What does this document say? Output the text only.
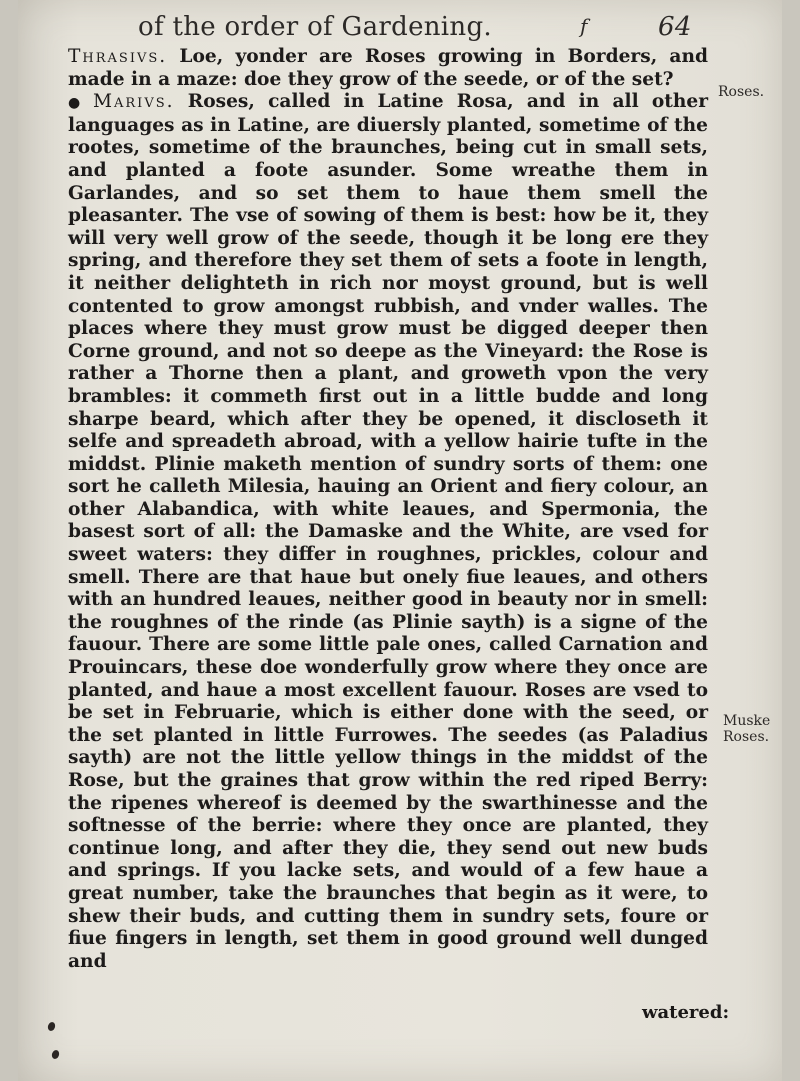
of the order of Gardening.	f	64

Thrasivs. Loe, yonder are Roses growing in Borders, and made in a maze: doe they grow of the seede, or of the set?

● Marivs. Roses, called in Latine Rosa, and in all other languages as in Latine, are diuersly planted, sometime of the rootes, sometime of the braunches, being cut in small sets, and planted a foote asunder. Some wreathe them in Garlandes, and so set them to haue them smell the pleasanter. The vse of sowing of them is best: how be it, they will very well grow of the seede, though it be long ere they spring, and therefore they set them of sets a foote in length, it neither delighteth in rich nor moyst ground, but is well contented to grow amongst rubbish, and vnder walles. The places where they must grow must be digged deeper then Corne ground, and not so deepe as the Vineyard: the Rose is rather a Thorne then a plant, and groweth vpon the very brambles: it commeth first out in a little budde and long sharpe beard, which after they be opened, it discloseth it selfe and spreadeth abroad, with a yellow hairie tufte in the middst. Plinie maketh mention of sundry sorts of them: one sort he calleth Milesia, hauing an Orient and fiery colour, an other Alabandica, with white leaues, and Spermonia, the basest sort of all: the Damaske and the White, are vsed for sweet waters: they differ in roughnes, prickles, colour and smell. There are that haue but onely fiue leaues, and others with an hundred leaues, neither good in beauty nor in smell: the roughnes of the rinde (as Plinie sayth) is a signe of the fauour. There are some little pale ones, called Carnation and Prouincars, these doe wonderfully grow where they once are planted, and haue a most excellent fauour. Roses are vsed to be set in Februarie, which is either done with the seed, or the set planted in little Furrowes. The seedes (as Paladius sayth) are not the little yellow things in the middst of the Rose, but the graines that grow within the red riped Berry: the ripenes whereof is deemed by the swarthinesse and the softnesse of the berrie: where they once are planted, they continue long, and after they die, they send out new buds and springs. If you lacke sets, and would of a few haue a great number, take the braunches that begin as it were, to shew their buds, and cutting them in sundry sets, foure or fiue fingers in length, set them in good ground well dunged and

Roses.
Muske Roses.
watered:
